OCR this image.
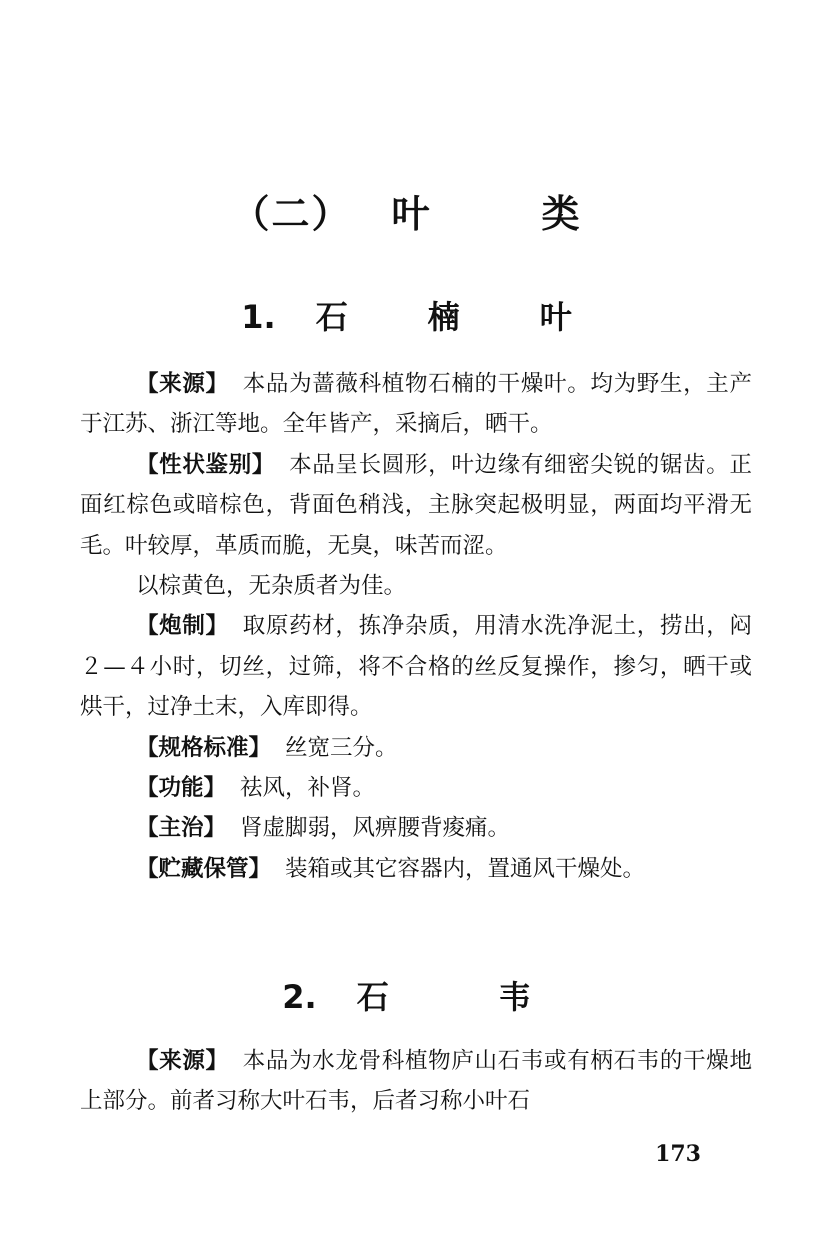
（二） 叶	类
1. 石	楠	叶

【来源】 本品为蔷薇科植物石楠的干燥叶。均为野生，主产于江苏、浙江等地。全年皆产，采摘后，晒干。

【性状鉴别】 本品呈长圆形，叶边缘有细密尖锐的锯齿。正面红棕色或暗棕色，背面色稍浅，主脉突起极明显，两面均平滑无毛。叶较厚，革质而脆，无臭，味苦而涩。

以棕黄色，无杂质者为佳。

【炮制】 取原药材，拣净杂质，用清水洗净泥土，捞出，闷２—４小时，切丝，过筛，将不合格的丝反复操作，掺匀，晒干或烘干，过净土末，入库即得。

【规格标准】 丝宽三分。

【功能】 祛风，补肾。

【主治】 肾虚脚弱，风痹腰背痠痛。

【贮藏保管】 装箱或其它容器内，置通风干燥处。

2. 石	韦

【来源】 本品为水龙骨科植物庐山石韦或有柄石韦的干燥地上部分。前者习称大叶石韦，后者习称小叶石

173
